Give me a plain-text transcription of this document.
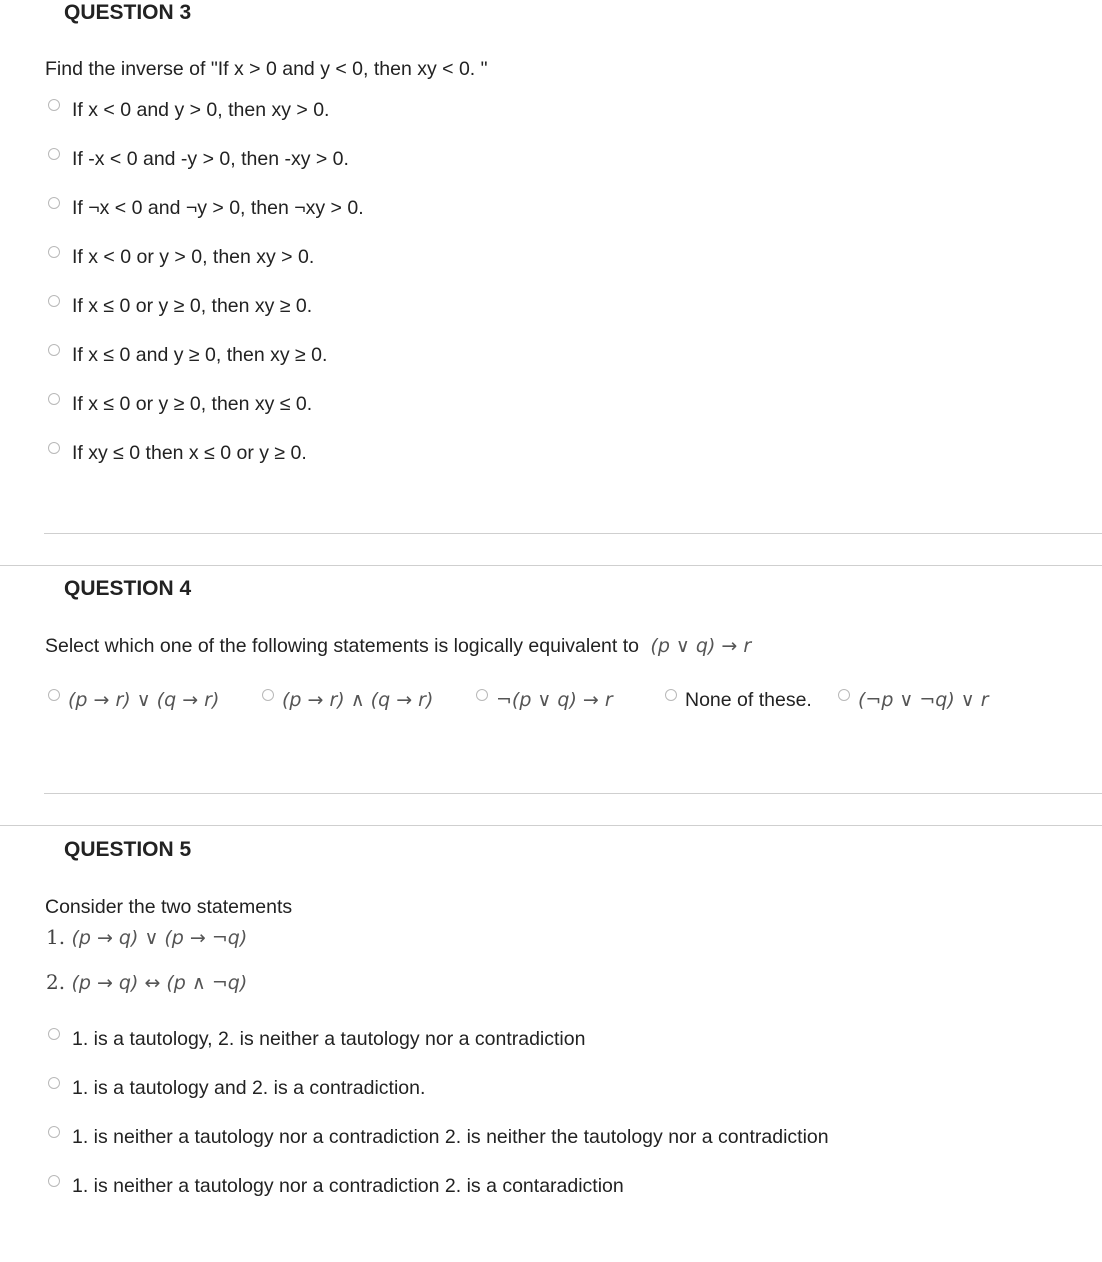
QUESTION 3

Find the inverse of "If x > 0 and y < 0, then xy < 0. "

If x < 0 and y > 0, then xy > 0.
If -x < 0 and -y > 0, then -xy > 0.
If ¬x < 0 and ¬y > 0, then ¬xy > 0.
If x < 0 or y > 0, then xy > 0.
If x ≤ 0 or y ≥ 0, then xy ≥ 0.
If x ≤ 0 and y ≥ 0, then xy ≥ 0.
If x ≤ 0 or y ≥ 0, then xy ≤ 0.
If xy ≤ 0 then x ≤ 0 or y ≥ 0.
QUESTION 4

Select which one of the following statements is logically equivalent to (p ∨ q) → r

(p → r) ∨ (q → r)	(p → r) ∧ (q → r)	¬(p ∨ q) → r	None of these. (¬p ∨ ¬q) ∨ r
QUESTION 5

Consider the two statements

1. (p → q) ∨ (p → ¬q)
2. (p → q) ↔ (p ∧ ¬q)
1. is a tautology, 2. is neither a tautology nor a contradiction
1. is a tautology and 2. is a contradiction.
1. is neither a tautology nor a contradiction 2. is neither the tautology nor a contradiction
1. is neither a tautology nor a contradiction 2. is a contaradiction
